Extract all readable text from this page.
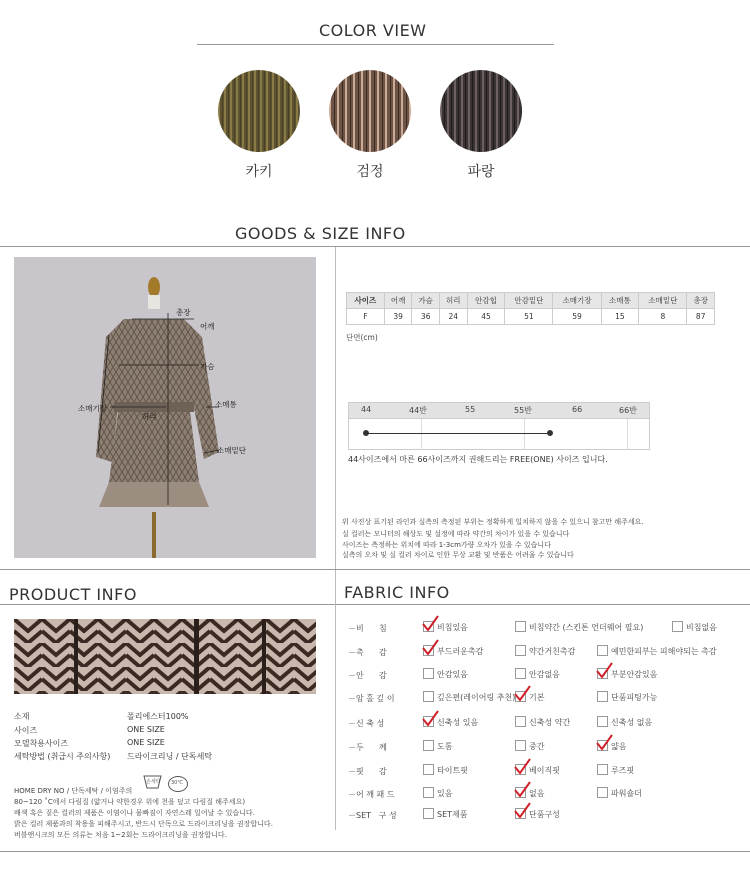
COLOR VIEW
카키	검정	파랑
GOODS & SIZE INFO
총장
어깨
가슴
소매기장	소매통
허리
소매밑단
사이즈	어깨	가슴	허리	안감힙	안감밑단	소매기장	소매통	소매밑단	총장
F	39	36	24	45	51	59	15	8	87
단면(cm)
44	44반	55	55반	66	66반
44사이즈에서 마른 66사이즈까지 권해드리는 FREE(ONE) 사이즈 입니다.
위 사진상 표기된 라인과 실측의 측정된 부위는 정확하게 일치하지 않을 수 있으니 참고만 해주세요.
실 컬러는 모니터의 해상도 및 설정에 따라 약간의 차이가 있을 수 있습니다
사이즈는 측정하는 위치에 따라 1-3cm가량 오차가 있을 수 있습니다
실측의 오차 및 실 컬러 차이로 인한 무상 교환 및 반품은 어려울 수 있습니다
PRODUCT INFO
소재	폴리에스터100%
사이즈	ONE SIZE
모델착용사이즈	ONE SIZE
세탁방법 (취급시 주의사항) 드라이크리닝 / 단독세탁
손세탁 30℃
HOME DRY NO / 단독세탁 / 이염주의
80~120 ˚C에서 다림질 (얇거나 약한경우 위에 천을 덮고 다림질 해주세요)
배색 혹은 짙은 컬러의 제품은 이염이나 물빠짐이 자연스레 일어날 수 있습니다.
밝은 컬러 제품과의 착용을 피해주시고, 반드시 단독으로 드라이크리닝을 권장합니다.
버블앤시크의 모든 의류는 처음 1~2회는 드라이크리닝을 권장합니다.
FABRIC INFO
－비      침	비침있음	비침약간 (스킨톤 언더웨어 필요)	비침없음
－촉      감	부드러운촉감	약간거친촉감	예민한피부는 피해야되는 촉감
－안      감	안감있음	안감없음	부분안감있음
－암 홀 깊 이	깊은편(레이어링 추천) 기본	단품피팅가능
－신 축 성	신축성 있음	신축성 약간	신축성 없음
－두      께	도톰	중간	얇음
－핏      감	타이트핏	베이직핏	루즈핏
－어 깨 패 드	있음	없음	파워숄더
－SET   구 성	SET제품	단품구성
